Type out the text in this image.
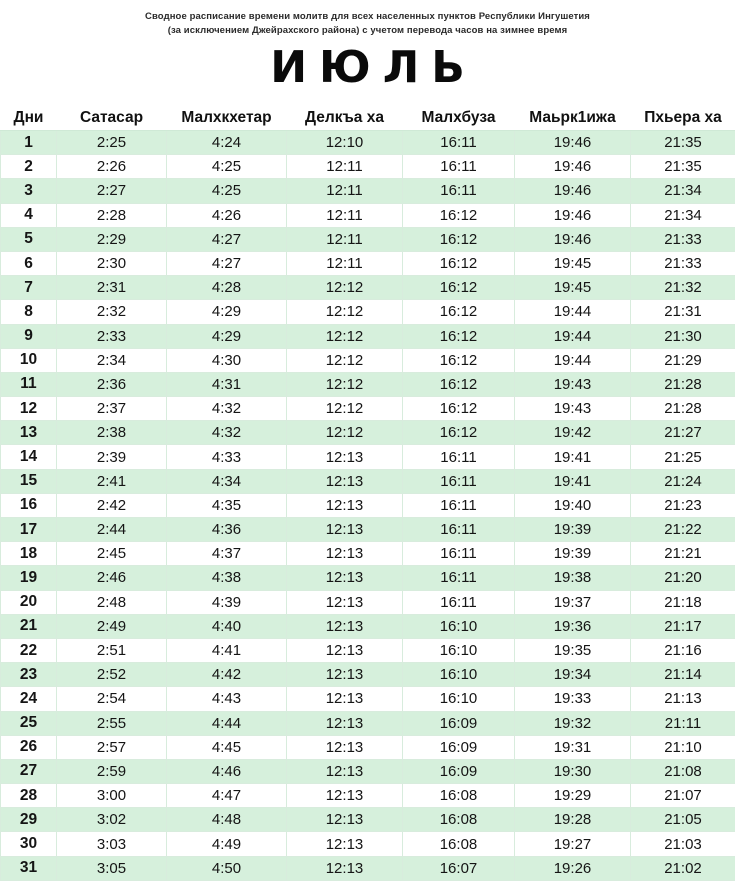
Сводное расписание времени молитв для всех населенных пунктов Республики Ингушетия
(за исключением Джейрахского района) с учетом перевода часов на зимнее время
ИЮЛЬ
Дни	Сатасар	Малхкхетар	Делкъа ха	Малхбуза	Маьрк1ижа	Пхьера ха
1	2:25	4:24	12:10	16:11	19:46	21:35
2	2:26	4:25	12:11	16:11	19:46	21:35
3	2:27	4:25	12:11	16:11	19:46	21:34
4	2:28	4:26	12:11	16:12	19:46	21:34
5	2:29	4:27	12:11	16:12	19:46	21:33
6	2:30	4:27	12:11	16:12	19:45	21:33
7	2:31	4:28	12:12	16:12	19:45	21:32
8	2:32	4:29	12:12	16:12	19:44	21:31
9	2:33	4:29	12:12	16:12	19:44	21:30
10	2:34	4:30	12:12	16:12	19:44	21:29
11	2:36	4:31	12:12	16:12	19:43	21:28
12	2:37	4:32	12:12	16:12	19:43	21:28
13	2:38	4:32	12:12	16:12	19:42	21:27
14	2:39	4:33	12:13	16:11	19:41	21:25
15	2:41	4:34	12:13	16:11	19:41	21:24
16	2:42	4:35	12:13	16:11	19:40	21:23
17	2:44	4:36	12:13	16:11	19:39	21:22
18	2:45	4:37	12:13	16:11	19:39	21:21
19	2:46	4:38	12:13	16:11	19:38	21:20
20	2:48	4:39	12:13	16:11	19:37	21:18
21	2:49	4:40	12:13	16:10	19:36	21:17
22	2:51	4:41	12:13	16:10	19:35	21:16
23	2:52	4:42	12:13	16:10	19:34	21:14
24	2:54	4:43	12:13	16:10	19:33	21:13
25	2:55	4:44	12:13	16:09	19:32	21:11
26	2:57	4:45	12:13	16:09	19:31	21:10
27	2:59	4:46	12:13	16:09	19:30	21:08
28	3:00	4:47	12:13	16:08	19:29	21:07
29	3:02	4:48	12:13	16:08	19:28	21:05
30	3:03	4:49	12:13	16:08	19:27	21:03
31	3:05	4:50	12:13	16:07	19:26	21:02
